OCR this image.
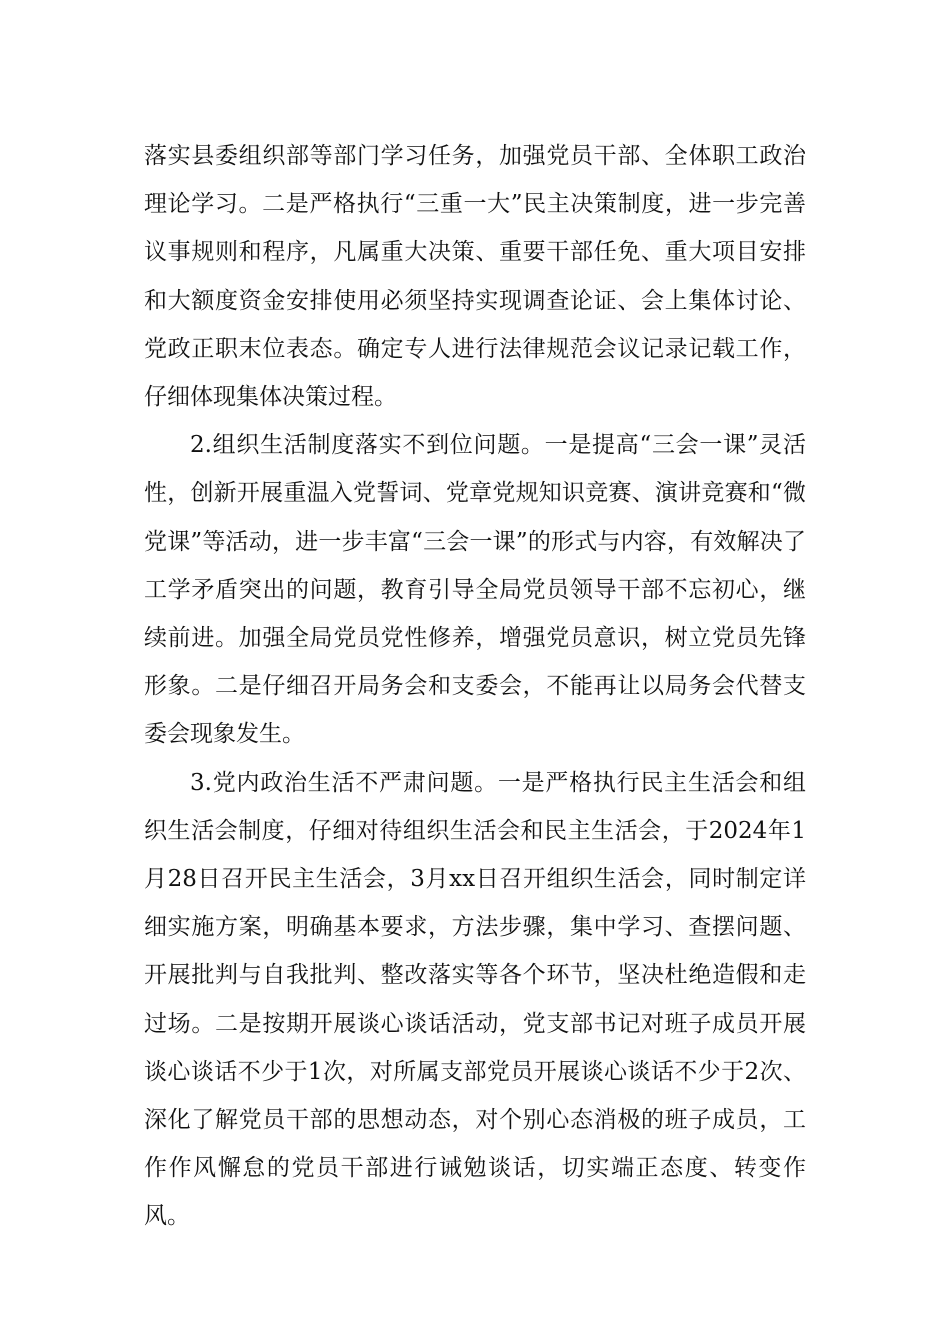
落实县委组织部等部门学习任务，加强党员干部、全体职工政治理论学习。二是严格执行“三重一大”民主决策制度，进一步完善议事规则和程序，凡属重大决策、重要干部任免、重大项目安排和大额度资金安排使用必须坚持实现调查论证、会上集体讨论、党政正职末位表态。确定专人进行法律规范会议记录记载工作，仔细体现集体决策过程。

2.组织生活制度落实不到位问题。一是提高“三会一课”灵活性，创新开展重温入党誓词、党章党规知识竞赛、演讲竞赛和“微党课”等活动，进一步丰富“三会一课”的形式与内容，有效解决了工学矛盾突出的问题，教育引导全局党员领导干部不忘初心，继续前进。加强全局党员党性修养，增强党员意识，树立党员先锋形象。二是仔细召开局务会和支委会，不能再让以局务会代替支委会现象发生。

3.党内政治生活不严肃问题。一是严格执行民主生活会和组织生活会制度，仔细对待组织生活会和民主生活会，于2024年1月28日召开民主生活会，3月xx日召开组织生活会，同时制定详细实施方案，明确基本要求，方法步骤，集中学习、查摆问题、开展批判与自我批判、整改落实等各个环节，坚决杜绝造假和走过场。二是按期开展谈心谈话活动，党支部书记对班子成员开展谈心谈话不少于1次，对所属支部党员开展谈心谈话不少于2次、深化了解党员干部的思想动态，对个别心态消极的班子成员，工作作风懈怠的党员干部进行诫勉谈话，切实端正态度、转变作风。
